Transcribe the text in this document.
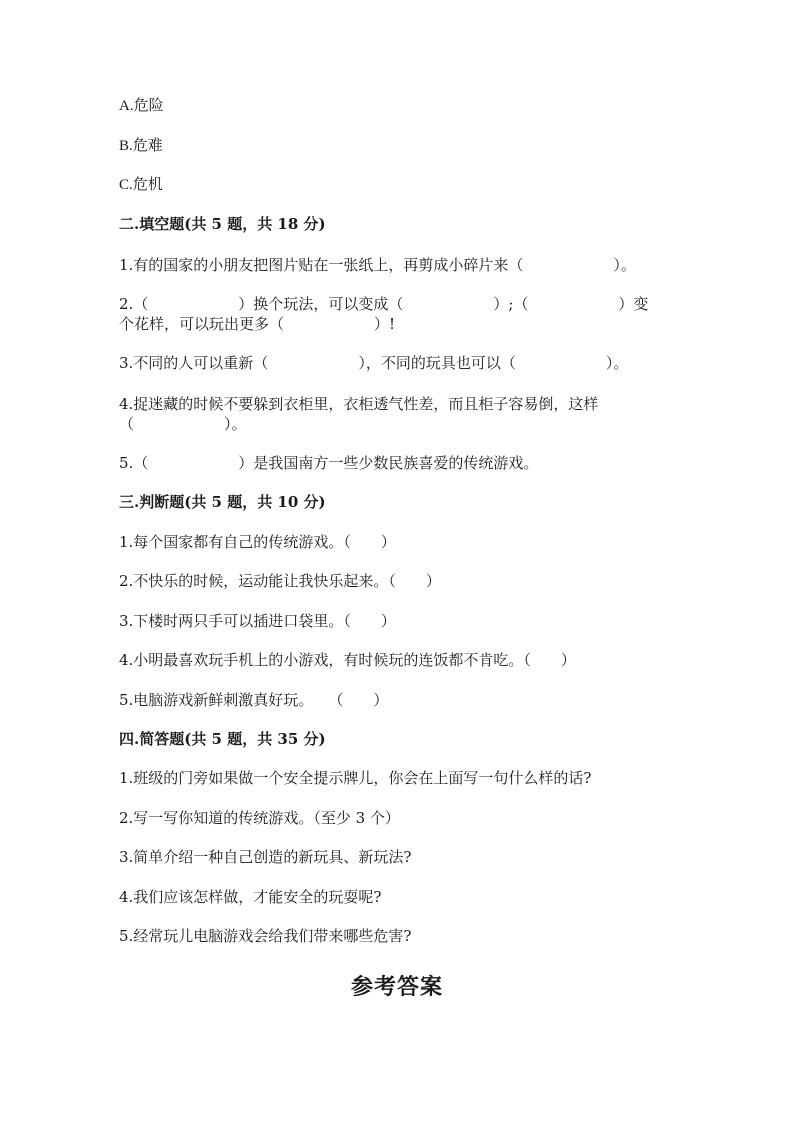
A.危险
B.危难
C.危机
二.填空题(共 5 题，共 18 分)
1.有的国家的小朋友把图片贴在一张纸上，再剪成小碎片来（　　　　　　）。
2.（　　　　　　）换个玩法，可以变成（　　　　　　）;（　　　　　　）变
个花样，可以玩出更多（　　　　　　）!
3.不同的人可以重新（　　　　　　），不同的玩具也可以（　　　　　　）。
4.捉迷藏的时候不要躲到衣柜里，衣柜透气性差，而且柜子容易倒，这样
（　　　　　　）。
5.（　　　　　　）是我国南方一些少数民族喜爱的传统游戏。
三.判断题(共 5 题，共 10 分)
1.每个国家都有自己的传统游戏。（　　）
2.不快乐的时候，运动能让我快乐起来。（　　）
3.下楼时两只手可以插进口袋里。（　　）
4.小明最喜欢玩手机上的小游戏，有时候玩的连饭都不肯吃。（　　）
5.电脑游戏新鲜刺激真好玩。　　（　　）
四.简答题(共 5 题，共 35 分)
1.班级的门旁如果做一个安全提示牌儿，你会在上面写一句什么样的话?
2.写一写你知道的传统游戏。（至少 3 个）
3.简单介绍一种自己创造的新玩具、新玩法?
4.我们应该怎样做，才能安全的玩耍呢?
5.经常玩儿电脑游戏会给我们带来哪些危害?
参考答案
